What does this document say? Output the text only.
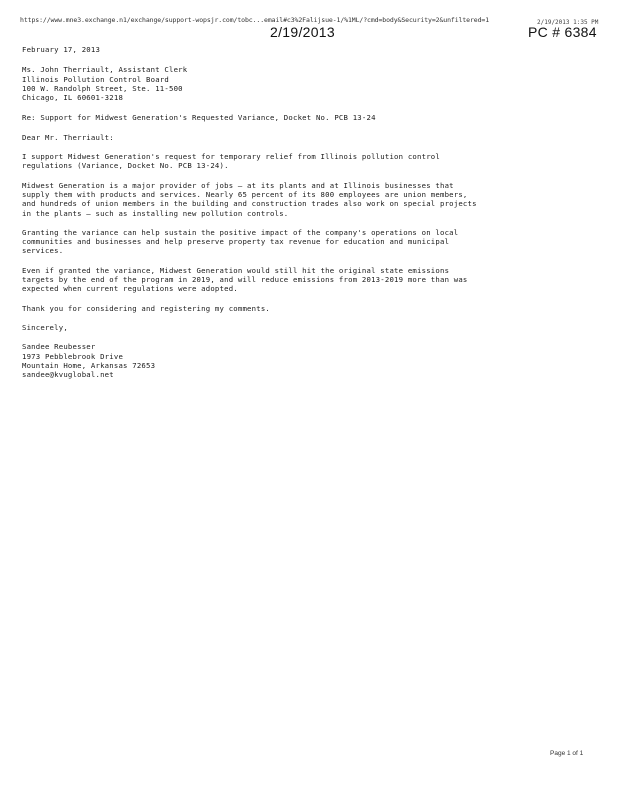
https://www.mne3.exchange.n1/exchange/support-wopsjr.com/tobc...email#c3%2Falijsue-1/%1ML/?cmd=body&Security=2&unfiltered=1	2/19/2013 1:35 PM
2/19/2013	PC # 6384

February 17, 2013

Ms. John Therriault, Assistant Clerk

Illinois Pollution Control Board

100 W. Randolph Street, Ste. 11-500

Chicago, IL 60601-3218

Re: Support for Midwest Generation's Requested Variance, Docket No. PCB 13-24

Dear Mr. Therriault:

I support Midwest Generation's request for temporary relief from Illinois pollution control

regulations (Variance, Docket No. PCB 13-24).

Midwest Generation is a major provider of jobs — at its plants and at Illinois businesses that

supply them with products and services. Nearly 65 percent of its 800 employees are union members,

and hundreds of union members in the building and construction trades also work on special projects

in the plants — such as installing new pollution controls.

Granting the variance can help sustain the positive impact of the company's operations on local

communities and businesses and help preserve property tax revenue for education and municipal

services.

Even if granted the variance, Midwest Generation would still hit the original state emissions

targets by the end of the program in 2019, and will reduce emissions from 2013-2019 more than was

expected when current regulations were adopted.

Thank you for considering and registering my comments.

Sincerely,

Sandee Reubesser

1973 Pebblebrook Drive

Mountain Home, Arkansas 72653

sandee@kvuglobal.net

Page 1 of 1
